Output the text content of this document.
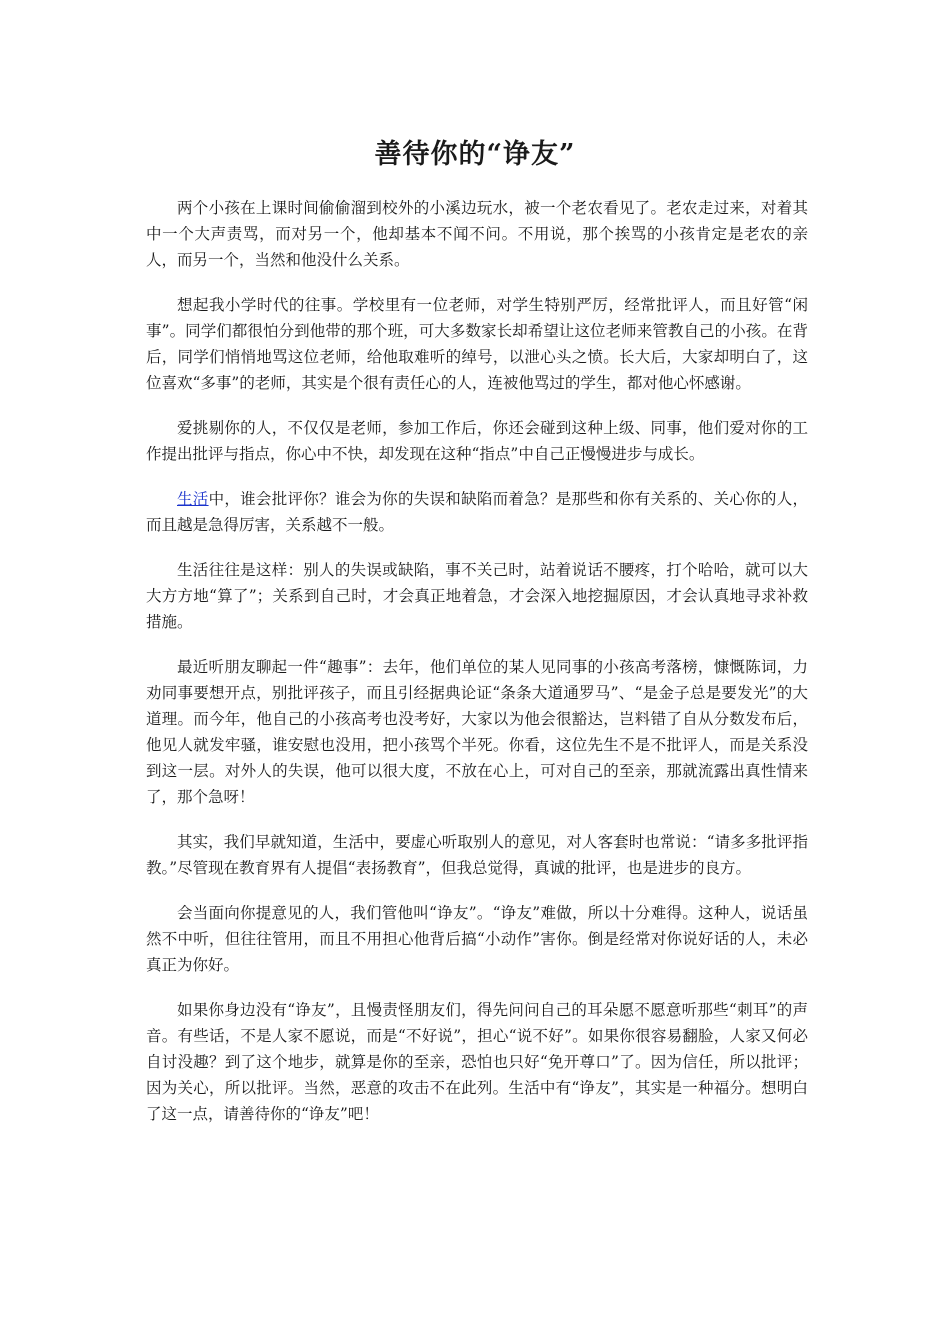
善待你的“诤友”

两个小孩在上课时间偷偷溜到校外的小溪边玩水，被一个老农看见了。老农走过来，对着其中一个大声责骂，而对另一个，他却基本不闻不问。不用说，那个挨骂的小孩肯定是老农的亲人，而另一个，当然和他没什么关系。

想起我小学时代的往事。学校里有一位老师，对学生特别严厉，经常批评人，而且好管“闲事”。同学们都很怕分到他带的那个班，可大多数家长却希望让这位老师来管教自己的小孩。在背后，同学们悄悄地骂这位老师，给他取难听的绰号，以泄心头之愤。长大后，大家却明白了，这位喜欢“多事”的老师，其实是个很有责任心的人，连被他骂过的学生，都对他心怀感谢。

爱挑剔你的人，不仅仅是老师，参加工作后，你还会碰到这种上级、同事，他们爱对你的工作提出批评与指点，你心中不快，却发现在这种“指点”中自己正慢慢进步与成长。

生活中，谁会批评你？谁会为你的失误和缺陷而着急？是那些和你有关系的、关心你的人，而且越是急得厉害，关系越不一般。

生活往往是这样：别人的失误或缺陷，事不关己时，站着说话不腰疼，打个哈哈，就可以大大方方地“算了”；关系到自己时，才会真正地着急，才会深入地挖掘原因，才会认真地寻求补救措施。

最近听朋友聊起一件“趣事”：去年，他们单位的某人见同事的小孩高考落榜，慷慨陈词，力劝同事要想开点，别批评孩子，而且引经据典论证“条条大道通罗马”、“是金子总是要发光”的大道理。而今年，他自己的小孩高考也没考好，大家以为他会很豁达，岂料错了自从分数发布后，他见人就发牢骚，谁安慰也没用，把小孩骂个半死。你看，这位先生不是不批评人，而是关系没到这一层。对外人的失误，他可以很大度，不放在心上，可对自己的至亲，那就流露出真性情来了，那个急呀！

其实，我们早就知道，生活中，要虚心听取别人的意见，对人客套时也常说：“请多多批评指教。”尽管现在教育界有人提倡“表扬教育”，但我总觉得，真诚的批评，也是进步的良方。

会当面向你提意见的人，我们管他叫“诤友”。“诤友”难做，所以十分难得。这种人，说话虽然不中听，但往往管用，而且不用担心他背后搞“小动作”害你。倒是经常对你说好话的人，未必真正为你好。

如果你身边没有“诤友”，且慢责怪朋友们，得先问问自己的耳朵愿不愿意听那些“刺耳”的声音。有些话，不是人家不愿说，而是“不好说”，担心“说不好”。如果你很容易翻脸，人家又何必自讨没趣？到了这个地步，就算是你的至亲，恐怕也只好“免开尊口”了。因为信任，所以批评；因为关心，所以批评。当然，恶意的攻击不在此列。生活中有“诤友”，其实是一种福分。想明白了这一点，请善待你的“诤友”吧！
